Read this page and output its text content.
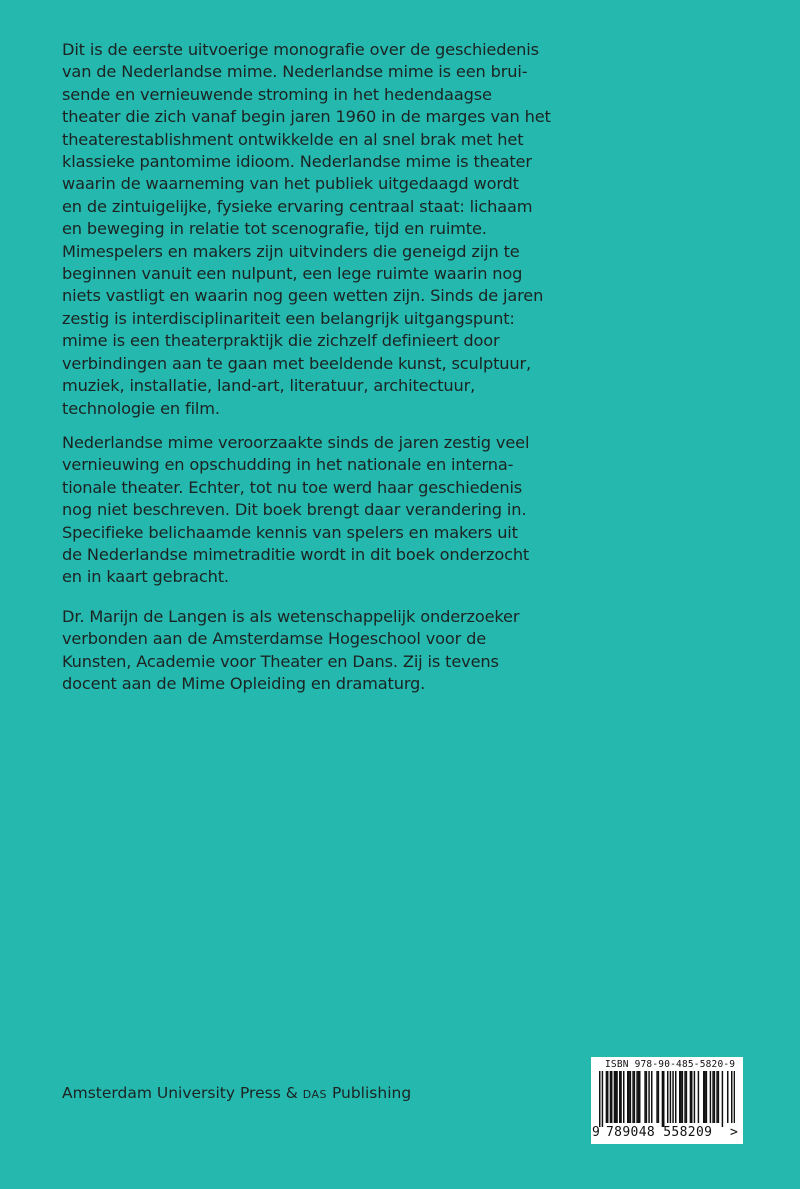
Dit is de eerste uitvoerige monografie over de geschiedenis
van de Nederlandse mime. Nederlandse mime is een brui-
sende en vernieuwende stroming in het hedendaagse
theater die zich vanaf begin jaren 1960 in de marges van het
theaterestablishment ontwikkelde en al snel brak met het
klassieke pantomime idioom. Nederlandse mime is theater
waarin de waarneming van het publiek uitgedaagd wordt
en de zintuigelijke, fysieke ervaring centraal staat: lichaam
en beweging in relatie tot scenografie, tijd en ruimte.
Mimespelers en makers zijn uitvinders die geneigd zijn te
beginnen vanuit een nulpunt, een lege ruimte waarin nog
niets vastligt en waarin nog geen wetten zijn. Sinds de jaren
zestig is interdisciplinariteit een belangrijk uitgangspunt:
mime is een theaterpraktijk die zichzelf definieert door
verbindingen aan te gaan met beeldende kunst, sculptuur,
muziek, installatie, land-art, literatuur, architectuur,
technologie en film.
Nederlandse mime veroorzaakte sinds de jaren zestig veel
vernieuwing en opschudding in het nationale en interna-
tionale theater. Echter, tot nu toe werd haar geschiedenis
nog niet beschreven. Dit boek brengt daar verandering in.
Specifieke belichaamde kennis van spelers en makers uit
de Nederlandse mimetraditie wordt in dit boek onderzocht
en in kaart gebracht.
Dr. Marijn de Langen is als wetenschappelijk onderzoeker
verbonden aan de Amsterdamse Hogeschool voor de
Kunsten, Academie voor Theater en Dans. Zij is tevens
docent aan de Mime Opleiding en dramaturg.
Amsterdam University Press & DAS Publishing
ISBN 978-90-485-5820-9
9 789048 558209 >
